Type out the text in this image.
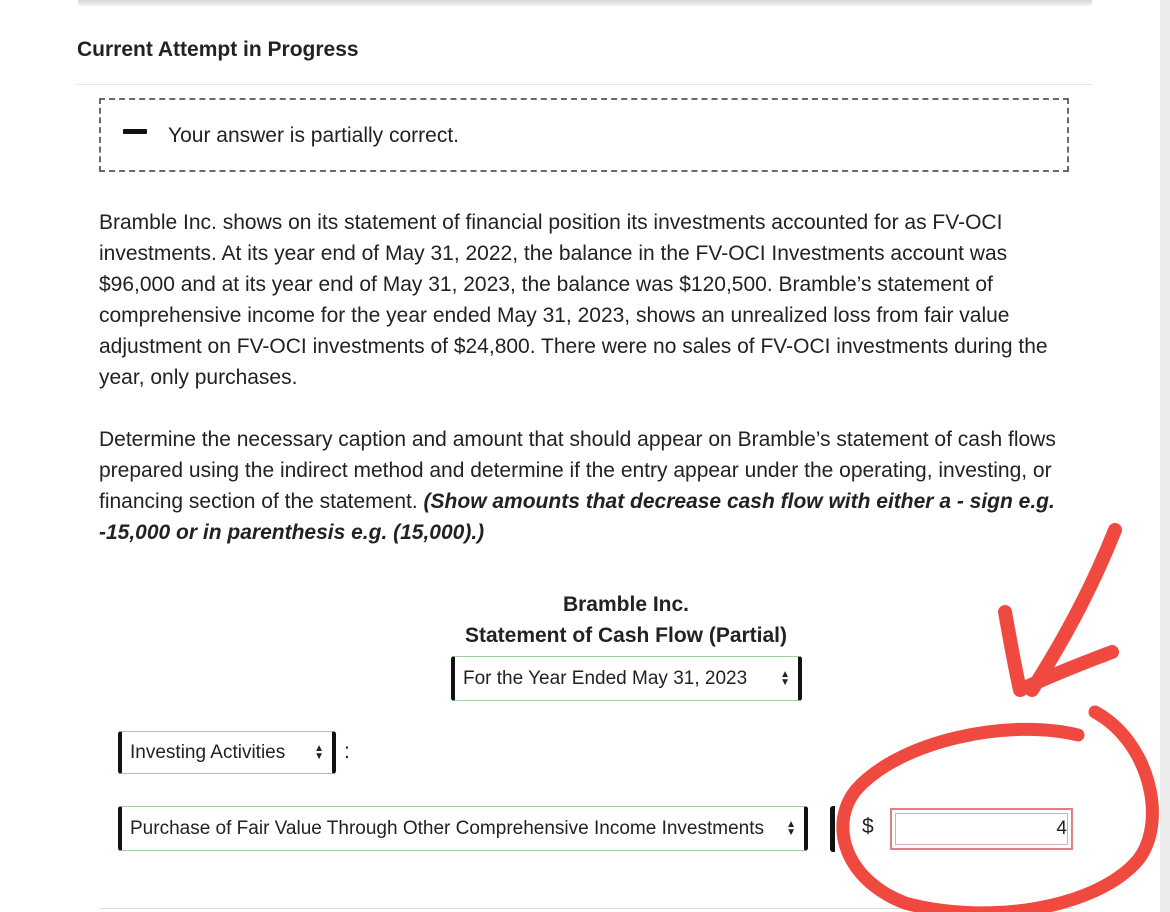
Current Attempt in Progress
Your answer is partially correct.

Bramble Inc. shows on its statement of financial position its investments accounted for as FV-OCI investments. At its year end of May 31, 2022, the balance in the FV-OCI Investments account was $96,000 and at its year end of May 31, 2023, the balance was $120,500. Bramble’s statement of comprehensive income for the year ended May 31, 2023, shows an unrealized loss from fair value adjustment on FV-OCI investments of $24,800. There were no sales of FV-OCI investments during the year, only purchases.

Determine the necessary caption and amount that should appear on Bramble’s statement of cash flows prepared using the indirect method and determine if the entry appear under the operating, investing, or financing section of the statement. (Show amounts that decrease cash flow with either a - sign e.g. -15,000 or in parenthesis e.g. (15,000).)
Bramble Inc.
Statement of Cash Flow (Partial)
For the Year Ended May 31, 2023	▲
▼
Investing Activities	▲
▼ :
Purchase of Fair Value Through Other Comprehensive Income Investments ▲
▼	$	4
